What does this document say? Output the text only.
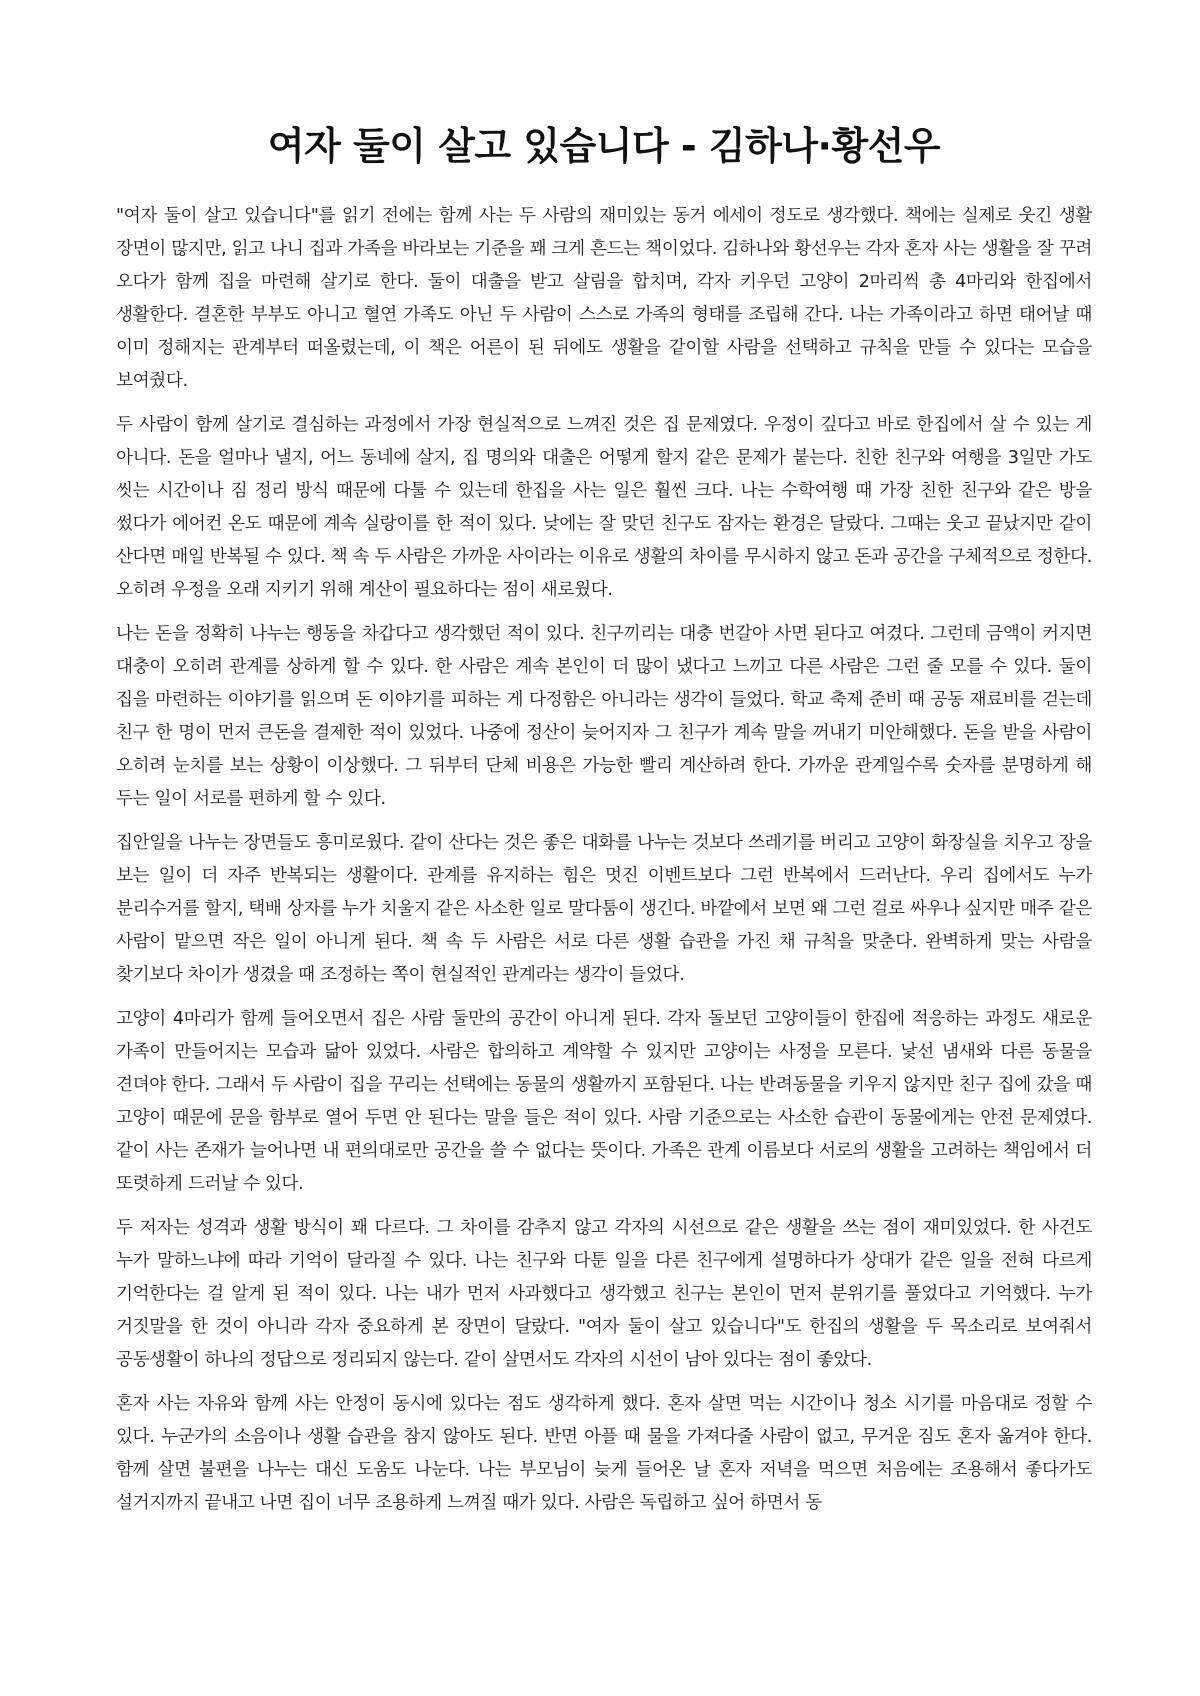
여자 둘이 살고 있습니다 - 김하나·황선우

"여자 둘이 살고 있습니다"를 읽기 전에는 함께 사는 두 사람의 재미있는 동거 에세이 정도로 생각했다. 책에는 실제로 웃긴 생활 장면이 많지만, 읽고 나니 집과 가족을 바라보는 기준을 꽤 크게 흔드는 책이었다. 김하나와 황선우는 각자 혼자 사는 생활을 잘 꾸려 오다가 함께 집을 마련해 살기로 한다. 둘이 대출을 받고 살림을 합치며, 각자 키우던 고양이 2마리씩 총 4마리와 한집에서 생활한다. 결혼한 부부도 아니고 혈연 가족도 아닌 두 사람이 스스로 가족의 형태를 조립해 간다. 나는 가족이라고 하면 태어날 때 이미 정해지는 관계부터 떠올렸는데, 이 책은 어른이 된 뒤에도 생활을 같이할 사람을 선택하고 규칙을 만들 수 있다는 모습을 보여줬다.

두 사람이 함께 살기로 결심하는 과정에서 가장 현실적으로 느껴진 것은 집 문제였다. 우정이 깊다고 바로 한집에서 살 수 있는 게 아니다. 돈을 얼마나 낼지, 어느 동네에 살지, 집 명의와 대출은 어떻게 할지 같은 문제가 붙는다. 친한 친구와 여행을 3일만 가도 씻는 시간이나 짐 정리 방식 때문에 다툴 수 있는데 한집을 사는 일은 훨씬 크다. 나는 수학여행 때 가장 친한 친구와 같은 방을 썼다가 에어컨 온도 때문에 계속 실랑이를 한 적이 있다. 낮에는 잘 맞던 친구도 잠자는 환경은 달랐다. 그때는 웃고 끝났지만 같이 산다면 매일 반복될 수 있다. 책 속 두 사람은 가까운 사이라는 이유로 생활의 차이를 무시하지 않고 돈과 공간을 구체적으로 정한다. 오히려 우정을 오래 지키기 위해 계산이 필요하다는 점이 새로웠다.

나는 돈을 정확히 나누는 행동을 차갑다고 생각했던 적이 있다. 친구끼리는 대충 번갈아 사면 된다고 여겼다. 그런데 금액이 커지면 대충이 오히려 관계를 상하게 할 수 있다. 한 사람은 계속 본인이 더 많이 냈다고 느끼고 다른 사람은 그런 줄 모를 수 있다. 둘이 집을 마련하는 이야기를 읽으며 돈 이야기를 피하는 게 다정함은 아니라는 생각이 들었다. 학교 축제 준비 때 공동 재료비를 걷는데 친구 한 명이 먼저 큰돈을 결제한 적이 있었다. 나중에 정산이 늦어지자 그 친구가 계속 말을 꺼내기 미안해했다. 돈을 받을 사람이 오히려 눈치를 보는 상황이 이상했다. 그 뒤부터 단체 비용은 가능한 빨리 계산하려 한다. 가까운 관계일수록 숫자를 분명하게 해 두는 일이 서로를 편하게 할 수 있다.

집안일을 나누는 장면들도 흥미로웠다. 같이 산다는 것은 좋은 대화를 나누는 것보다 쓰레기를 버리고 고양이 화장실을 치우고 장을 보는 일이 더 자주 반복되는 생활이다. 관계를 유지하는 힘은 멋진 이벤트보다 그런 반복에서 드러난다. 우리 집에서도 누가 분리수거를 할지, 택배 상자를 누가 치울지 같은 사소한 일로 말다툼이 생긴다. 바깥에서 보면 왜 그런 걸로 싸우나 싶지만 매주 같은 사람이 맡으면 작은 일이 아니게 된다. 책 속 두 사람은 서로 다른 생활 습관을 가진 채 규칙을 맞춘다. 완벽하게 맞는 사람을 찾기보다 차이가 생겼을 때 조정하는 쪽이 현실적인 관계라는 생각이 들었다.

고양이 4마리가 함께 들어오면서 집은 사람 둘만의 공간이 아니게 된다. 각자 돌보던 고양이들이 한집에 적응하는 과정도 새로운 가족이 만들어지는 모습과 닮아 있었다. 사람은 합의하고 계약할 수 있지만 고양이는 사정을 모른다. 낯선 냄새와 다른 동물을 견뎌야 한다. 그래서 두 사람이 집을 꾸리는 선택에는 동물의 생활까지 포함된다. 나는 반려동물을 키우지 않지만 친구 집에 갔을 때 고양이 때문에 문을 함부로 열어 두면 안 된다는 말을 들은 적이 있다. 사람 기준으로는 사소한 습관이 동물에게는 안전 문제였다. 같이 사는 존재가 늘어나면 내 편의대로만 공간을 쓸 수 없다는 뜻이다. 가족은 관계 이름보다 서로의 생활을 고려하는 책임에서 더 또렷하게 드러날 수 있다.

두 저자는 성격과 생활 방식이 꽤 다르다. 그 차이를 감추지 않고 각자의 시선으로 같은 생활을 쓰는 점이 재미있었다. 한 사건도 누가 말하느냐에 따라 기억이 달라질 수 있다. 나는 친구와 다툰 일을 다른 친구에게 설명하다가 상대가 같은 일을 전혀 다르게 기억한다는 걸 알게 된 적이 있다. 나는 내가 먼저 사과했다고 생각했고 친구는 본인이 먼저 분위기를 풀었다고 기억했다. 누가 거짓말을 한 것이 아니라 각자 중요하게 본 장면이 달랐다. "여자 둘이 살고 있습니다"도 한집의 생활을 두 목소리로 보여줘서 공동생활이 하나의 정답으로 정리되지 않는다. 같이 살면서도 각자의 시선이 남아 있다는 점이 좋았다.

혼자 사는 자유와 함께 사는 안정이 동시에 있다는 점도 생각하게 했다. 혼자 살면 먹는 시간이나 청소 시기를 마음대로 정할 수 있다. 누군가의 소음이나 생활 습관을 참지 않아도 된다. 반면 아플 때 물을 가져다줄 사람이 없고, 무거운 짐도 혼자 옮겨야 한다. 함께 살면 불편을 나누는 대신 도움도 나눈다. 나는 부모님이 늦게 들어온 날 혼자 저녁을 먹으면 처음에는 조용해서 좋다가도 설거지까지 끝내고 나면 집이 너무 조용하게 느껴질 때가 있다. 사람은 독립하고 싶어 하면서 동
